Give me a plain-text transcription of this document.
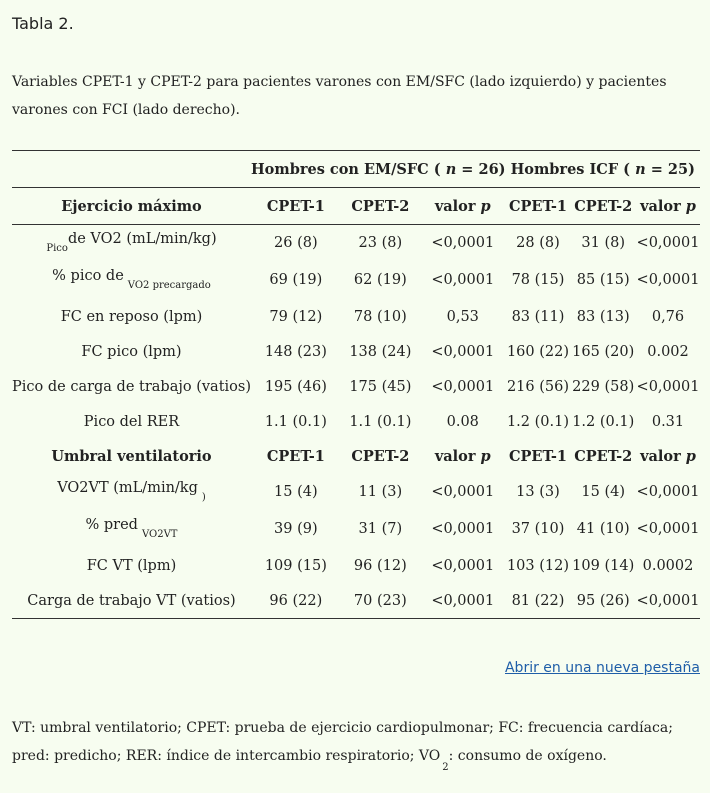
Tabla 2.
Variables CPET-1 y CPET-2 para pacientes varones con EM/SFC (lado izquierdo) y pacientes varones con FCI (lado derecho).
	Hombres con EM/SFC ( n = 26)			Hombres ICF ( n = 25)		
Ejercicio máximo	CPET-1	CPET-2	valor p	CPET-1	CPET-2	valor p
$_{Pico}$de VO2 (mL/min/kg)	26 (8)	23 (8)	<0,0001	28 (8)	31 (8)	<0,0001
% pico $de_{VO2 precargado}$	69 (19)	62 (19)	<0,0001	78 (15)	85 (15)	<0,0001
FC en reposo (lpm)	79 (12)	78 (10)	0,53	83 (11)	83 (13)	0,76
FC pico (lpm)	148 (23)	138 (24)	<0,0001	160 (22)	165 (20)	0.002
Pico de carga de trabajo (vatios)	195 (46)	175 (45)	<0,0001	216 (56)	229 (58)	<0,0001
Pico del RER	1.1 (0.1)	1.1 (0.1)	0.08	1.2 (0.1)	1.2 (0.1)	0.31
Umbral ventilatorio	CPET-1	CPET-2	valor p	CPET-1	CPET-2	valor p
VO2VT ($mL/\min/kg_)$	15 (4)	11 (3)	<0,0001	13 (3)	15 (4)	<0,0001
% pred$_{VO2VT}$	39 (9)	31 (7)	<0,0001	37 (10)	41 (10)	<0,0001
FC VT (lpm)	109 (15)	96 (12)	<0,0001	103 (12)	109 (14)	0.0002
Carga de trabajo VT (vatios)	96 (22)	70 (23)	<0,0001	81 (22)	95 (26)	<0,0001
Abrir en una nueva pestaña
VT: umbral ventilatorio; CPET: prueba de ejercicio cardiopulmonar; FC: frecuencia cardíaca; pred: predicho; RER: índice de intercambio respiratorio; $VO_2$: consumo de oxígeno.
